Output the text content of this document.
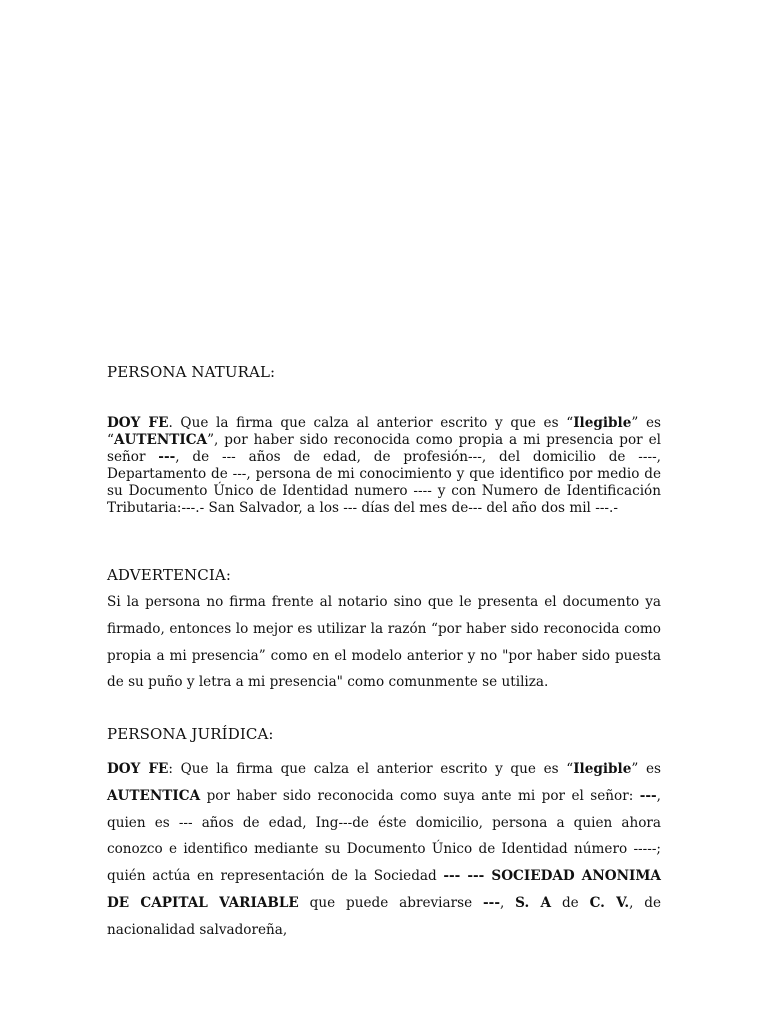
PERSONA NATURAL:

DOY FE. Que la firma que calza al anterior escrito y que es “Ilegible” es “AUTENTICA”, por haber sido reconocida como propia a mi presencia por el señor ---, de --- años de edad, de profesión---, del domicilio de ----, Departamento de ---, persona de mi conocimiento y que identifico por medio de su Documento Único de Identidad numero ---- y con Numero de Identificación Tributaria:---.- San Salvador, a los --- días del mes de--- del año dos mil ---.-

ADVERTENCIA:

Si la persona no firma frente al notario sino que le presenta el documento ya firmado, entonces lo mejor es utilizar la razón “por haber sido reconocida como propia a mi presencia” como en el modelo anterior y no "por haber sido puesta de su puño y letra a mi presencia" como comunmente se utiliza.

PERSONA JURÍDICA:

DOY FE: Que la firma que calza el anterior escrito y que es “Ilegible” es AUTENTICA por haber sido reconocida como suya ante mi por el señor: ---, quien es --- años de edad, Ing---de éste domicilio, persona a quien ahora conozco e identifico mediante su Documento Único de Identidad número -----; quién actúa en representación de la Sociedad --- --- SOCIEDAD ANONIMA DE CAPITAL VARIABLE que puede abreviarse ---, S. A de C. V., de nacionalidad salvadoreña,
